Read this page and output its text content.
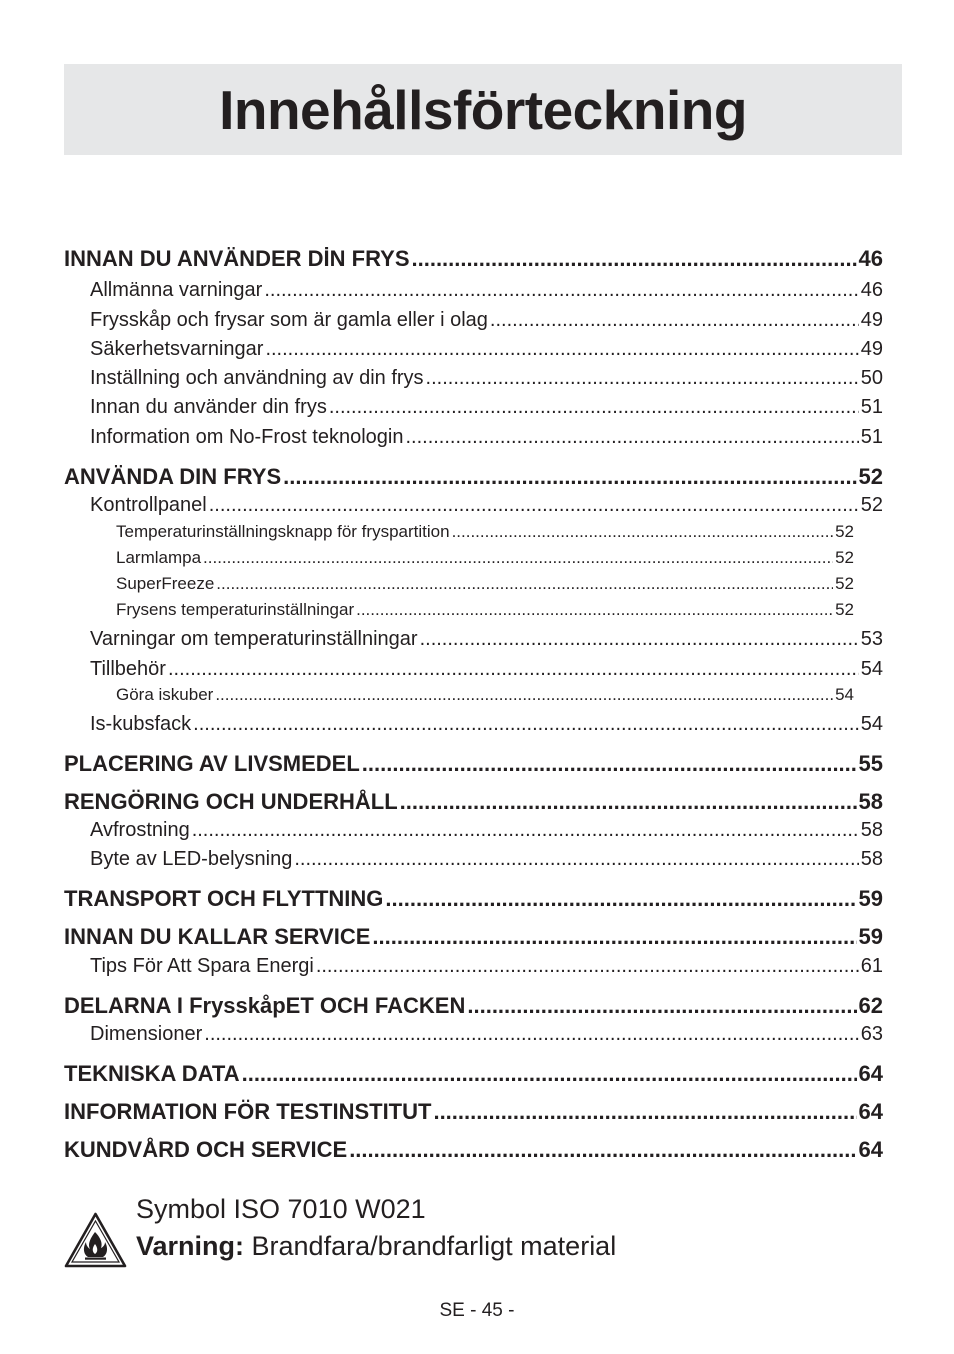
Innehållsförteckning
INNAN DU ANVÄNDER DİN FRYS .....	46
Allmänna varningar .....	46
Frysskåp och frysar som är gamla eller i olag .....	49
Säkerhetsvarningar .....	49
Inställning och användning av din frys .....	50
Innan du använder din frys .....	51
Information om No-Frost teknologin .....	51
ANVÄNDA DIN FRYS .....	52
Kontrollpanel .....	52
Temperaturinställningsknapp för fryspartition .....	52
Larmlampa .....	52
SuperFreeze .....	52
Frysens temperaturinställningar .....	52
Varningar om temperaturinställningar .....	53
Tillbehör .....	54
Göra iskuber .....	54
Is-kubsfack .....	54
PLACERING AV LIVSMEDEL .....	55
RENGÖRING OCH UNDERHÅLL .....	58
Avfrostning .....	58
Byte av LED-belysning .....	58
TRANSPORT OCH FLYTTNING .....	59
INNAN DU KALLAR SERVICE .....	59
Tips För Att Spara Energi .....	61
DELARNA I FrysskåpET OCH FACKEN .....	62
Dimensioner .....	63
TEKNISKA DATA .....	64
INFORMATION FÖR TESTINSTITUT .....	64
KUNDVÅRD OCH SERVICE .....	64
Symbol ISO 7010 W021
Varning: Brandfara/brandfarligt material
SE - 45 -
